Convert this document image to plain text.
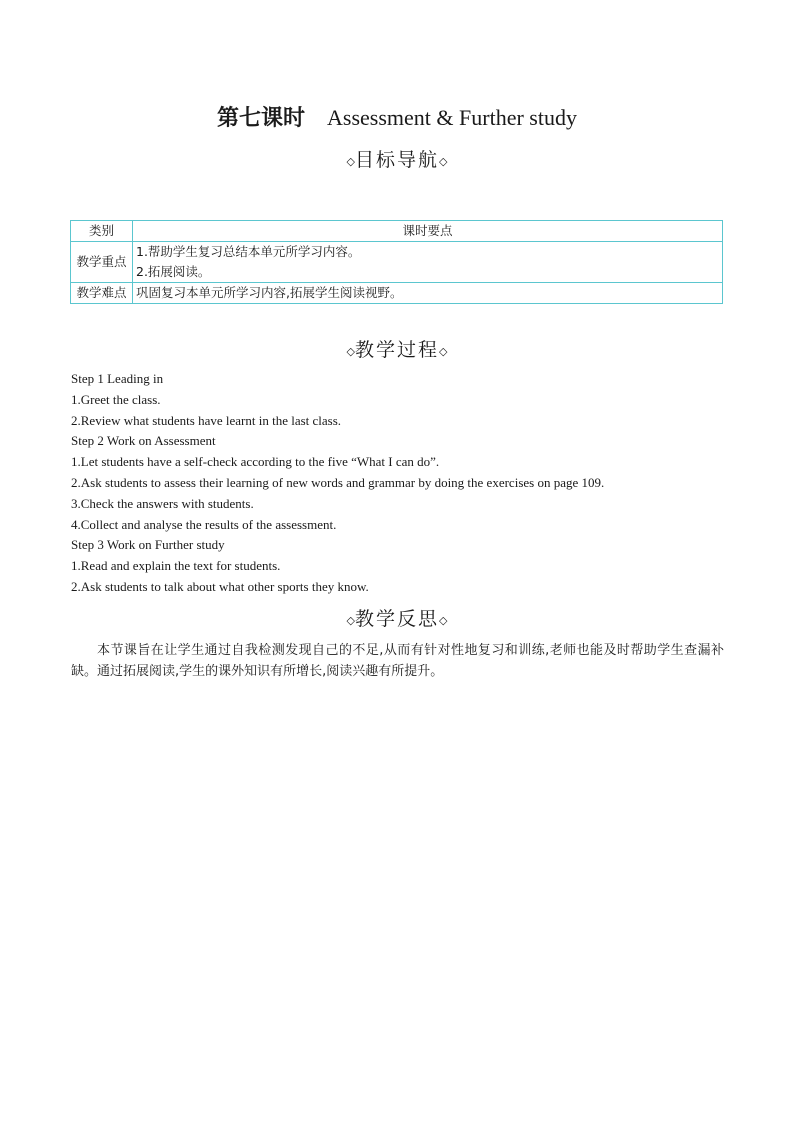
第七课时 Assessment & Further study
◇目标导航◇
类别	课时要点
教学重点	1.帮助学生复习总结本单元所学习内容。
2.拓展阅读。

教学难点	巩固复习本单元所学习内容,拓展学生阅读视野。
◇教学过程◇
Step 1 Leading in
1.Greet the class.
2.Review what students have learnt in the last class.
Step 2 Work on Assessment
1.Let students have a self-check according to the five “What I can do”.
2.Ask students to assess their learning of new words and grammar by doing the exercises on page 109.
3.Check the answers with students.
4.Collect and analyse the results of the assessment.
Step 3 Work on Further study
1.Read and explain the text for students.
2.Ask students to talk about what other sports they know.
◇教学反思◇
本节课旨在让学生通过自我检测发现自己的不足,从而有针对性地复习和训练,老师也能及时帮助学生查漏补缺。通过拓展阅读,学生的课外知识有所增长,阅读兴趣有所提升。
